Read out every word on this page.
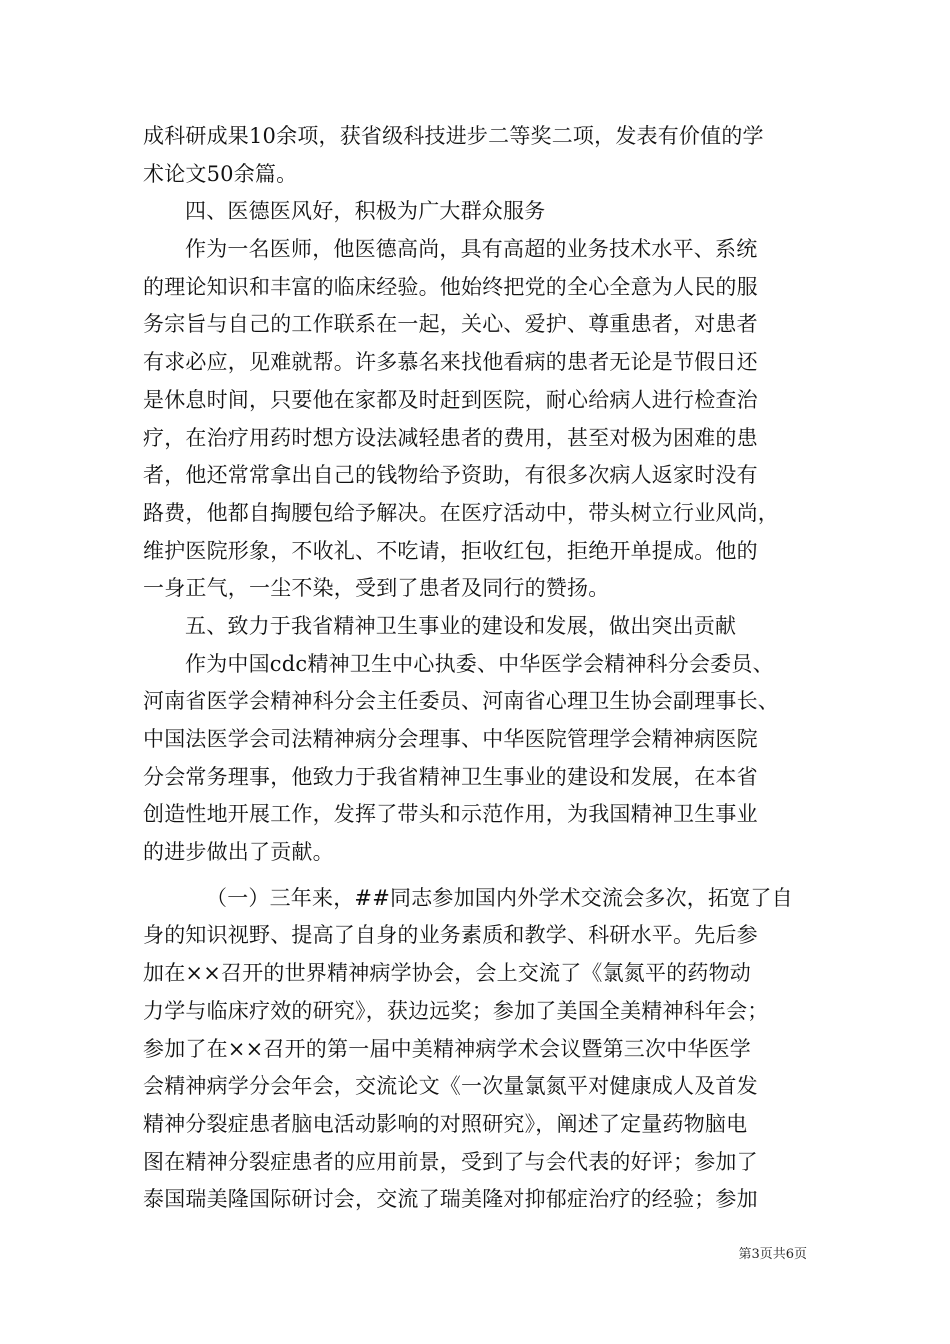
成科研成果10余项，获省级科技进步二等奖二项，发表有价值的学
术论文50余篇。
四、医德医风好，积极为广大群众服务
作为一名医师，他医德高尚，具有高超的业务技术水平、系统
的理论知识和丰富的临床经验。他始终把党的全心全意为人民的服
务宗旨与自己的工作联系在一起，关心、爱护、尊重患者，对患者
有求必应，见难就帮。许多慕名来找他看病的患者无论是节假日还
是休息时间，只要他在家都及时赶到医院，耐心给病人进行检查治
疗，在治疗用药时想方设法减轻患者的费用，甚至对极为困难的患
者，他还常常拿出自己的钱物给予资助，有很多次病人返家时没有
路费，他都自掏腰包给予解决。在医疗活动中，带头树立行业风尚，
维护医院形象，不收礼、不吃请，拒收红包，拒绝开单提成。他的
一身正气，一尘不染，受到了患者及同行的赞扬。
五、致力于我省精神卫生事业的建设和发展，做出突出贡献
作为中国cdc精神卫生中心执委、中华医学会精神科分会委员、
河南省医学会精神科分会主任委员、河南省心理卫生协会副理事长、
中国法医学会司法精神病分会理事、中华医院管理学会精神病医院
分会常务理事，他致力于我省精神卫生事业的建设和发展，在本省
创造性地开展工作，发挥了带头和示范作用，为我国精神卫生事业
的进步做出了贡献。
（一）三年来，##同志参加国内外学术交流会多次，拓宽了自
身的知识视野、提高了自身的业务素质和教学、科研水平。先后参
加在××召开的世界精神病学协会，会上交流了《氯氮平的药物动
力学与临床疗效的研究》，获边远奖；参加了美国全美精神科年会；
参加了在××召开的第一届中美精神病学术会议暨第三次中华医学
会精神病学分会年会，交流论文《一次量氯氮平对健康成人及首发
精神分裂症患者脑电活动影响的对照研究》，阐述了定量药物脑电
图在精神分裂症患者的应用前景，受到了与会代表的好评；参加了
泰国瑞美隆国际研讨会，交流了瑞美隆对抑郁症治疗的经验；参加
第3页共6页
